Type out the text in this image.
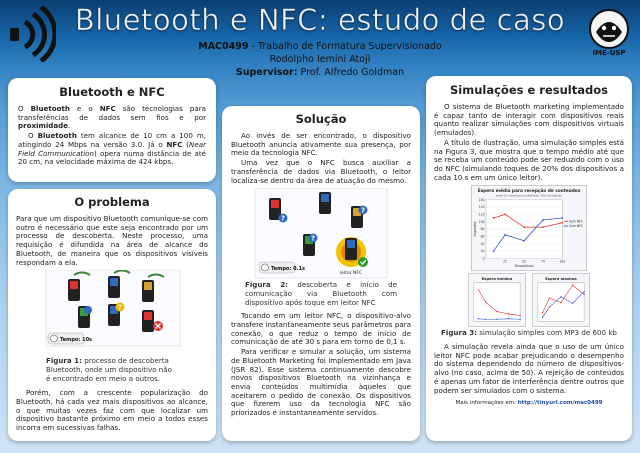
Bluetooth e NFC: estudo de caso
MAC0499 - Trabalho de Formatura Supervisionado
Rodolpho Iemini Atoji
Supervisor: Prof. Alfredo Goldman
IME-USP
Bluetooth e NFC

O Bluetooth e o NFC são tecnologias para transferências de dados sem fios e por proximidade.

O Bluetooth tem alcance de 10 cm a 100 m, atingindo 24 Mbps na versão 3.0. Já o NFC (Near Field Communication) opera numa distância de até 20 cm, na velocidade máxima de 424 kbps.

O problema

Para que um dispositivo Bluetooth comunique-se com outro é necessário que este seja encontrado por um processo de descoberta. Neste processo, uma requisição é difundida na área de alcance do Bluetooth, de maneira que os dispositivos visíveis respondam a ela.

?
Tempo: 10s

Figura 1: processo de descoberta Bluetooth, onde um dispositivo não é encontrado em meio a outros.

Porém, com a crescente popularização do Bluetooth, há cada vez mais dispositivos ao alcance, o que muitas vezes faz com que localizar um dispositivo bastante próximo em meio a todos esses incorra em sucessivas falhas.

Solução

Ao invés de ser encontrado, o dispositivo Bluetooth anuncia ativamente sua presença, por meio da tecnologia NFC.

Uma vez que o NFC busca auxiliar a transferência de dados via Bluetooth, o leitor localiza-se dentro da área de atuação do mesmo.

?
?
?
leitor NFC
Tempo: 0.1s

Figura 2: descoberta e início de comunicação via Bluetooth com dispositivo após toque em leitor NFC

Tocando em um leitor NFC, o dispositivo-alvo transfere instantaneamente seus parâmetros para conexão, o que reduz o tempo de início de comunicação de até 30 s para em torno de 0,1 s.

Para verificar e simular a solução, um sistema de Bluetooth Marketing foi implementado em Java (JSR 82). Esse sistema continuamente descobre novos dispositivos Bluetooth na vizinhança e envia conteúdos multimídia àqueles que aceitarem o pedido de conexão. Os dispositivos que fizerem uso da tecnologia NFC são priorizados e instantaneamente servidos.

Simulações e resultados

O sistema de Bluetooth marketing implementado é capaz tanto de interagir com dispositivos reais quanto realizar simulações com dispositivos virtuais (emulados).

A título de ilustração, uma simulação simples está na Figura 3, que mostra que o tempo médio até que se receba um conteúdo pode ser reduzido com o uso do NFC (simulando toques de 20% dos dispositivos a cada 10 s em um único leitor).

0
20
40
60
80
100
120
140
160
25	50	75	100
Espera média para recepção de conteúdos
entre 10 conexões simultâneas, 20% de rejeição
Dispositivos
Segundos	Sem NFC
Com NFC
Espera mínima	Espera máxima

Figura 3: simulação simples com MP3 de 600 kb

A simulação revela ainda que o uso de um único leitor NFC pode acabar prejudicando o desempenho do sistema dependendo do número de dispositivos-alvo (no caso, acima de 50). A rejeição de conteúdos é apenas um fator de interferência dentre outros que podem ser simulados com o sistema.

Mais informações em: http://tinyurl.com/mac0499
